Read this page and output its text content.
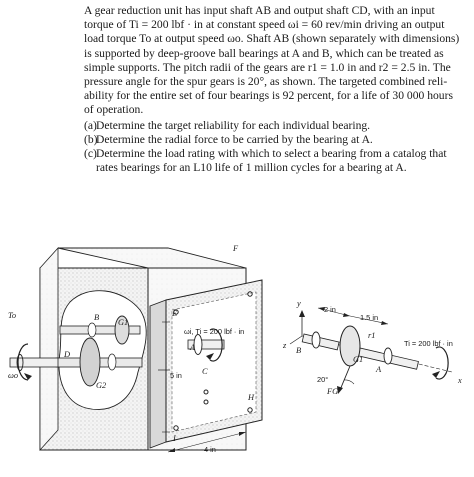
A gear reduction unit has input shaft AB and output shaft CD, with an input
torque of Ti = 200 lbf · in at constant speed ωi = 60 rev/min driving an output
load torque To at output speed ωo. Shaft AB (shown separately with dimensions)
is supported by deep-groove ball bearings at A and B, which can be treated as
simple supports. The pitch radii of the gears are r1 = 1.0 in and r2 = 2.5 in. The
pressure angle for the spur gears is 20°, as shown. The targeted combined reli-
ability for the entire set of four bearings is 92 percent, for a life of 30 000 hours
of operation.

(a) Determine the target reliability for each individual bearing.
(b)
Determine the radial force to be carried by the bearing at A.
(c) Determine the load rating with which to select a bearing from a catalog that rates bearings for an L10 life of 1 million cycles for a bearing at A.
F
To
ωo
B
G1
D
G2
E
ωi, Ti = 200 lbf · in
A
C
5 in
H
I
4 in
y
2 in
1.5 in
z
B
r1
G1
A
Ti = 200 lbf · in
x
20°
FG
